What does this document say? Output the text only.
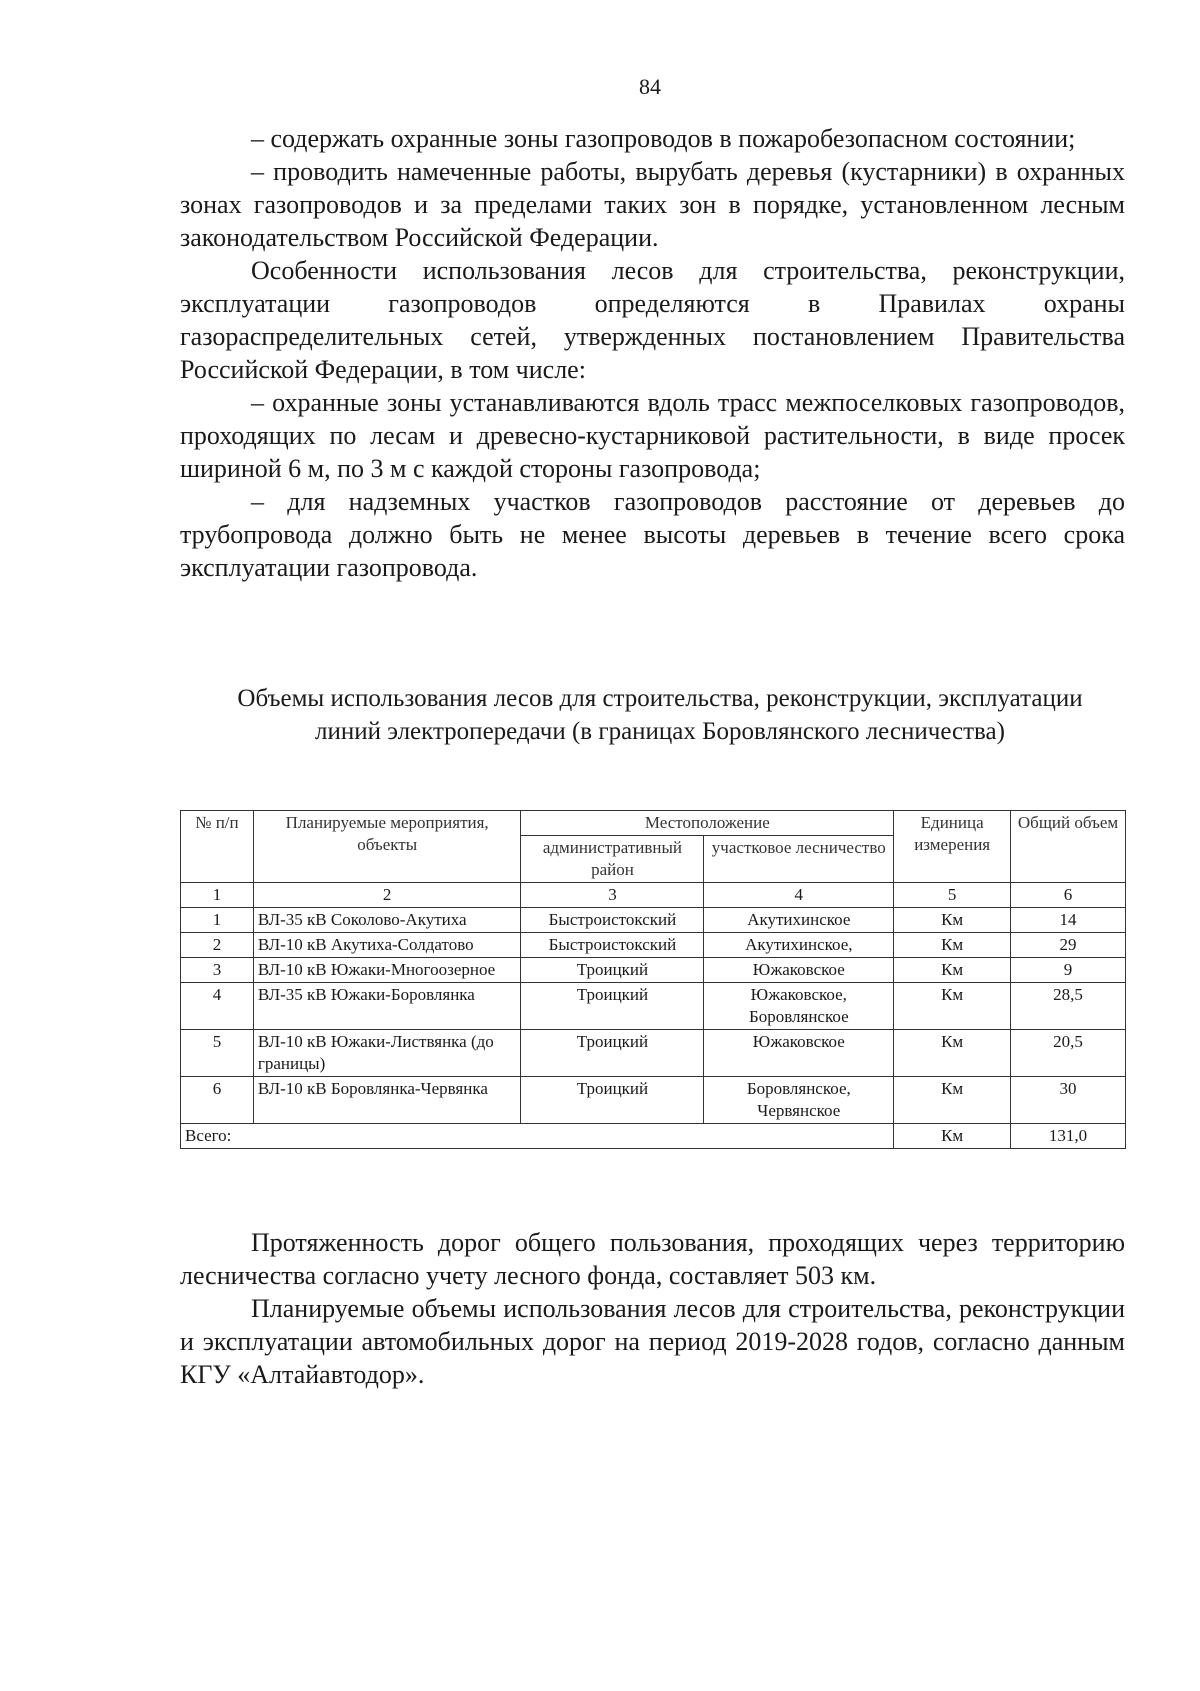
84

– содержать охранные зоны газопроводов в пожаробезопасном состоянии;

– проводить намеченные работы, вырубать деревья (кустарники) в охранных зонах газопроводов и за пределами таких зон в порядке, установленном лесным законодательством Российской Федерации.

Особенности использования лесов для строительства, реконструкции, эксплуатации газопроводов определяются в Правилах охраны газораспределительных сетей, утвержденных постановлением Правительства Российской Федерации, в том числе:

– охранные зоны устанавливаются вдоль трасс межпоселковых газопроводов, проходящих по лесам и древесно-кустарниковой растительности, в виде просек шириной 6 м, по 3 м с каждой стороны газопровода;

– для надземных участков газопроводов расстояние от деревьев до трубопровода должно быть не менее высоты деревьев в течение всего срока эксплуатации газопровода.

Объемы использования лесов для строительства, реконструкции, эксплуатации линий электропередачи (в границах Боровлянского лесничества)
№ п/п	Планируемые мероприятия, объекты	Местоположение		Единица измерения	Общий объем
		административный район	участковое лесничество		
1	2	3	4	5	6
1	ВЛ-35 кВ Соколово-Акутиха	Быстроистокский	Акутихинское	Км	14
2	ВЛ-10 кВ Акутиха-Солдатово	Быстроистокский	Акутихинское,	Км	29
3	ВЛ-10 кВ Южаки-Многоозерное	Троицкий	Южаковское	Км	9
4	ВЛ-35 кВ Южаки-Боровлянка	Троицкий	Южаковское, Боровлянское	Км	28,5
5	ВЛ-10 кВ Южаки-Листвянка (до границы)	Троицкий	Южаковское	Км	20,5
6	ВЛ-10 кВ Боровлянка-Червянка	Троицкий	Боровлянское, Червянское	Км	30
Всего:				Км	131,0

Протяженность дорог общего пользования, проходящих через территорию лесничества согласно учету лесного фонда, составляет 503 км.

Планируемые объемы использования лесов для строительства, реконструкции и эксплуатации автомобильных дорог на период 2019-2028 годов, согласно данным КГУ «Алтайавтодор».
